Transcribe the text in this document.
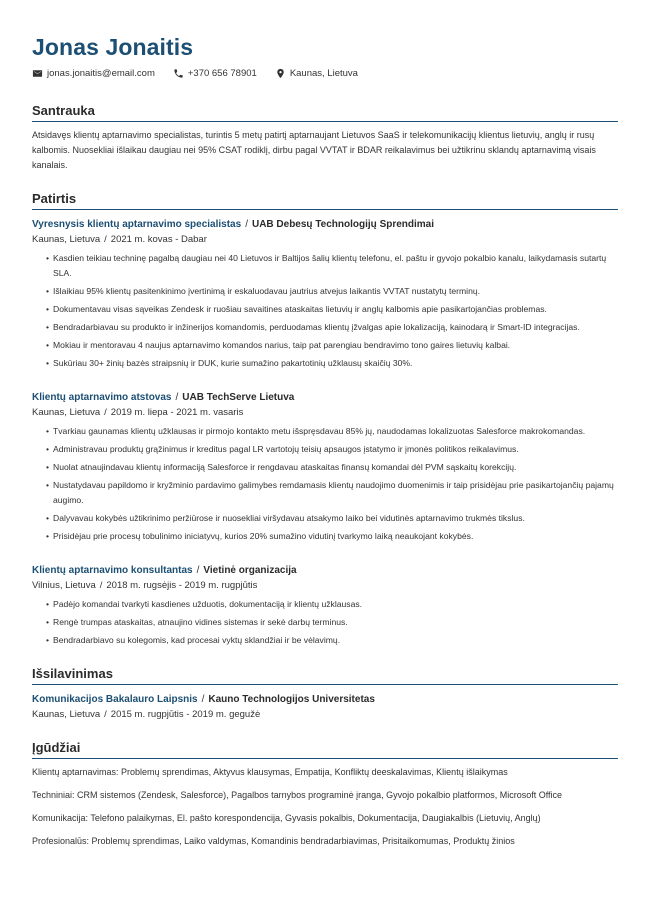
Jonas Jonaitis
jonas.jonaitis@email.com	+370 656 78901	Kaunas, Lietuva
Santrauka
Atsidavęs klientų aptarnavimo specialistas, turintis 5 metų patirtį aptarnaujant Lietuvos SaaS ir telekomunikacijų klientus lietuvių, anglų ir rusų kalbomis. Nuosekliai išlaikau daugiau nei 95% CSAT rodiklį, dirbu pagal VVTAT ir BDAR reikalavimus bei užtikrinu sklandų aptarnavimą visais kanalais.
Patirtis
Vyresnysis klientų aptarnavimo specialistas / UAB Debesų Technologijų Sprendimai
Kaunas, Lietuva / 2021 m. kovas - Dabar
• Kasdien teikiau techninę pagalbą daugiau nei 40 Lietuvos ir Baltijos šalių klientų telefonu, el. paštu ir gyvojo pokalbio kanalu, laikydamasis sutartų SLA.
• Išlaikiau 95% klientų pasitenkinimo įvertinimą ir eskaluodavau jautrius atvejus laikantis VVTAT nustatytų terminų.
• Dokumentavau visas sąveikas Zendesk ir ruošiau savaitines ataskaitas lietuvių ir anglų kalbomis apie pasikartojančias problemas.
• Bendradarbiavau su produkto ir inžinerijos komandomis, perduodamas klientų įžvalgas apie lokalizaciją, kainodarą ir Smart-ID integracijas.
• Mokiau ir mentoravau 4 naujus aptarnavimo komandos narius, taip pat parengiau bendravimo tono gaires lietuvių kalbai.
• Sukūriau 30+ žinių bazės straipsnių ir DUK, kurie sumažino pakartotinių užklausų skaičių 30%.
Klientų aptarnavimo atstovas / UAB TechServe Lietuva
Kaunas, Lietuva / 2019 m. liepa - 2021 m. vasaris
• Tvarkiau gaunamas klientų užklausas ir pirmojo kontakto metu išspręsdavau 85% jų, naudodamas lokalizuotas Salesforce makrokomandas.
• Administravau produktų grąžinimus ir kreditus pagal LR vartotojų teisių apsaugos įstatymo ir įmonės politikos reikalavimus.
• Nuolat atnaujindavau klientų informaciją Salesforce ir rengdavau ataskaitas finansų komandai dėl PVM sąskaitų korekcijų.
• Nustatydavau papildomo ir kryžminio pardavimo galimybes remdamasis klientų naudojimo duomenimis ir taip prisidėjau prie pasikartojančių pajamų augimo.
• Dalyvavau kokybės užtikrinimo peržiūrose ir nuosekliai viršydavau atsakymo laiko bei vidutinės aptarnavimo trukmės tikslus.
• Prisidėjau prie procesų tobulinimo iniciatyvų, kurios 20% sumažino vidutinį tvarkymo laiką neaukojant kokybės.
Klientų aptarnavimo konsultantas / Vietinė organizacija
Vilnius, Lietuva / 2018 m. rugsėjis - 2019 m. rugpjūtis
• Padėjo komandai tvarkyti kasdienes užduotis, dokumentaciją ir klientų užklausas.
• Rengė trumpas ataskaitas, atnaujino vidines sistemas ir sekė darbų terminus.
• Bendradarbiavo su kolegomis, kad procesai vyktų sklandžiai ir be vėlavimų.
Išsilavinimas
Komunikacijos Bakalauro Laipsnis / Kauno Technologijos Universitetas
Kaunas, Lietuva / 2015 m. rugpjūtis - 2019 m. gegužė
Įgūdžiai
Klientų aptarnavimas: Problemų sprendimas, Aktyvus klausymas, Empatija, Konfliktų deeskalavimas, Klientų išlaikymas
Techniniai: CRM sistemos (Zendesk, Salesforce), Pagalbos tarnybos programinė įranga, Gyvojo pokalbio platformos, Microsoft Office
Komunikacija: Telefono palaikymas, El. pašto korespondencija, Gyvasis pokalbis, Dokumentacija, Daugiakalbis (Lietuvių, Anglų)
Profesionalūs: Problemų sprendimas, Laiko valdymas, Komandinis bendradarbiavimas, Prisitaikomumas, Produktų žinios
